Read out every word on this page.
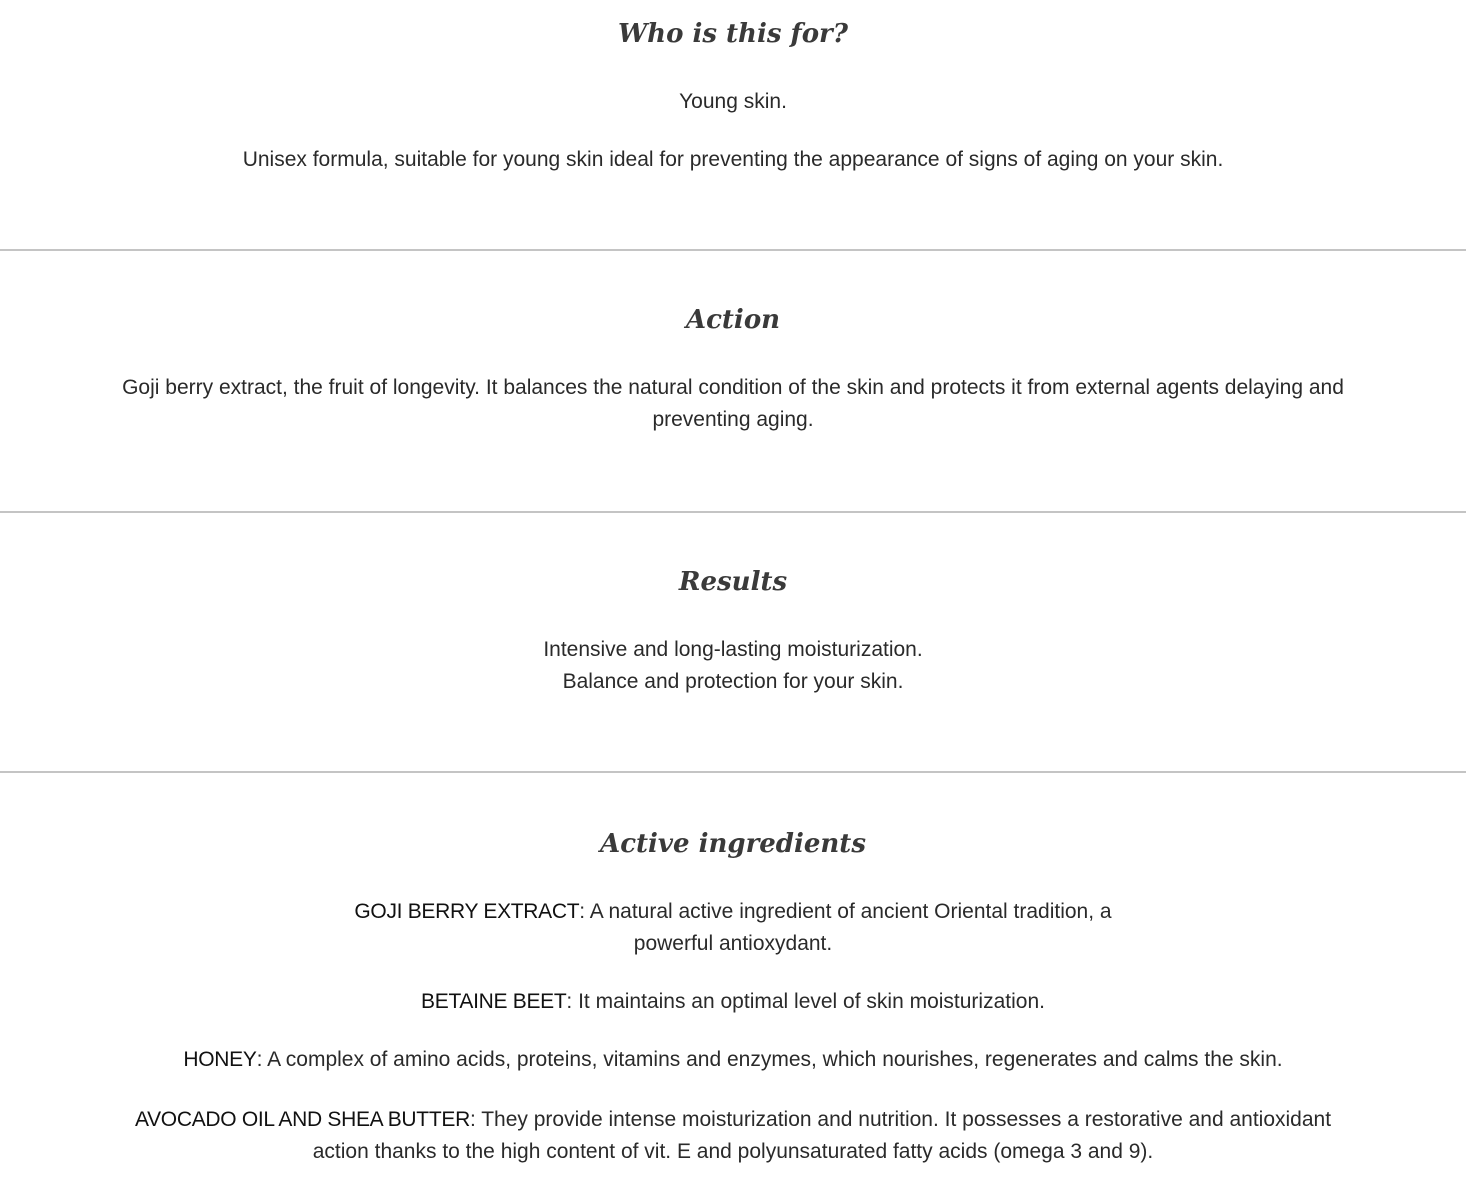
Who is this for?

Young skin.

Unisex formula, suitable for young skin ideal for preventing the appearance of signs of aging on your skin.

Action

Goji berry extract, the fruit of longevity. It balances the natural condition of the skin and protects it from external agents delaying and preventing aging.

Results

Intensive and long-lasting moisturization.

Balance and protection for your skin.

Active ingredients

GOJI BERRY EXTRACT: A natural active ingredient of ancient Oriental tradition, a powerful antioxydant.

BETAINE BEET: It maintains an optimal level of skin moisturization.

HONEY: A complex of amino acids, proteins, vitamins and enzymes, which nourishes, regenerates and calms the skin.

AVOCADO OIL AND SHEA BUTTER: They provide intense moisturization and nutrition. It possesses a restorative and antioxidant action thanks to the high content of vit. E and polyunsaturated fatty acids (omega 3 and 9).
